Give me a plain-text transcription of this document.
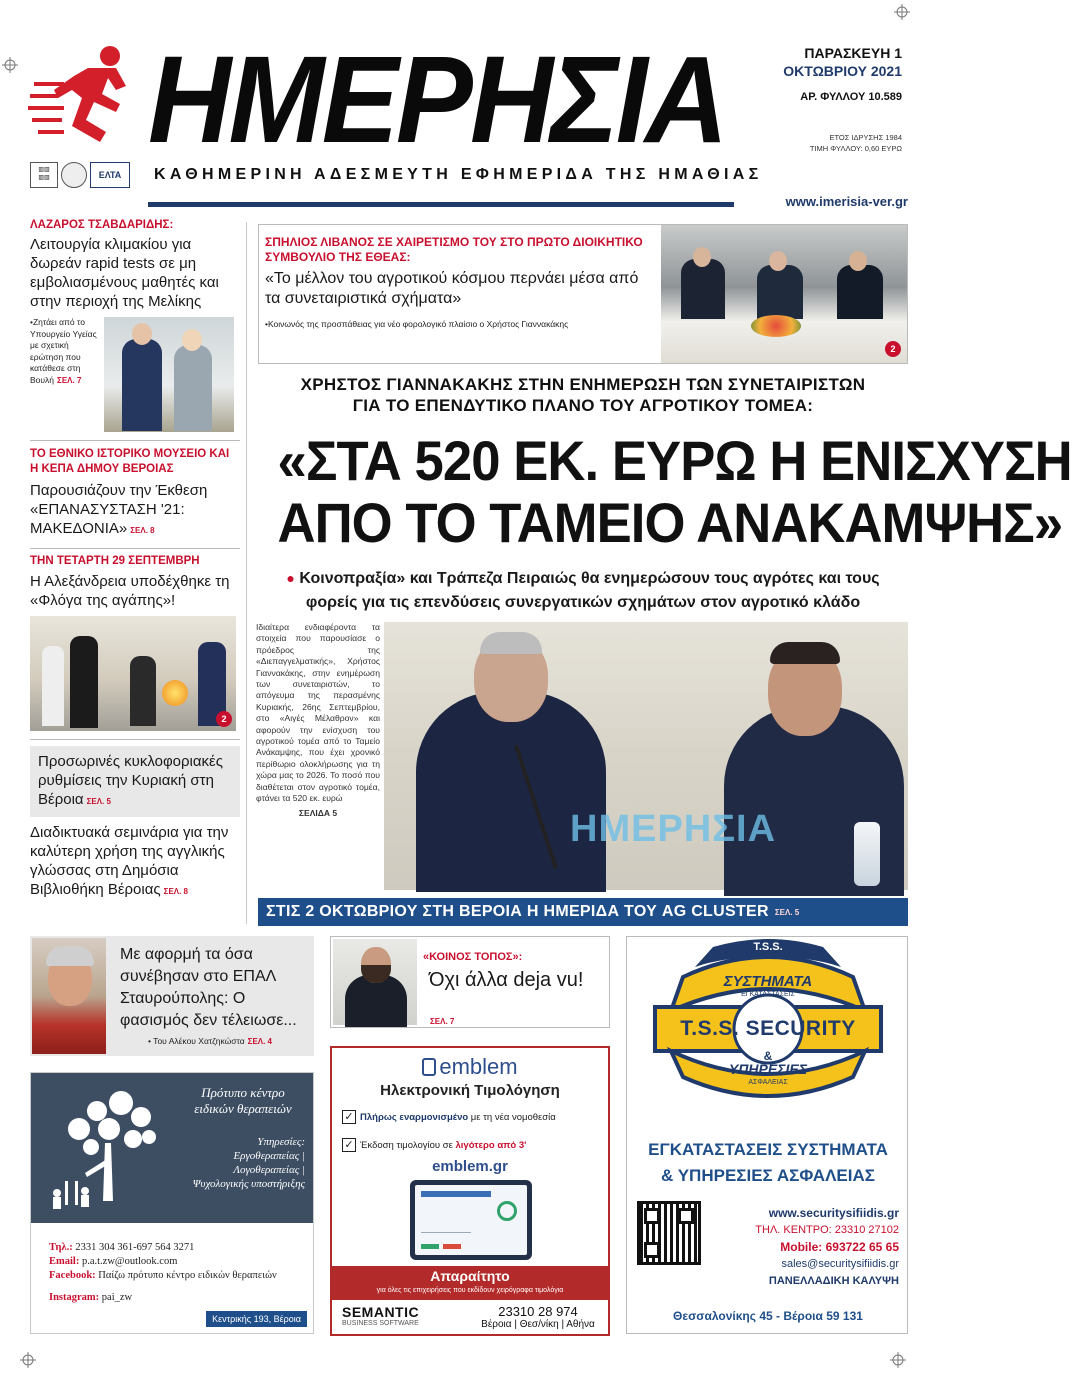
ΗΜΕΡΗΣΙΑ
▥▥
▥▥	ΕΛΤΑ	ΚΑΘΗΜΕΡΙΝΗ ΑΔΕΣΜΕΥΤΗ ΕΦΗΜΕΡΙΔΑ ΤΗΣ ΗΜΑΘΙΑΣ
ΠΑΡΑΣΚΕΥΗ 1
ΟΚΤΩΒΡΙΟΥ 2021
ΑΡ. ΦΥΛΛΟΥ 10.589
ΕΤΟΣ ΙΔΡΥΣΗΣ 1984
ΤΙΜΗ ΦΥΛΛΟΥ: 0,60 ΕΥΡΩ
www.imerisia-ver.gr
ΛΑΖΑΡΟΣ ΤΣΑΒΔΑΡΙΔΗΣ:
Λειτουργία κλιμακίου για δωρεάν rapid tests σε μη εμβολιασμένους μαθητές και στην περιοχή της Μελίκης
•Ζητάει από το Υπουργείο Υγείας με σχετική ερώτηση που κατάθεσε στη Βουλή ΣΕΛ. 7
ΤΟ ΕΘΝΙΚΟ ΙΣΤΟΡΙΚΟ ΜΟΥΣΕΙΟ ΚΑΙ Η ΚΕΠΑ ΔΗΜΟΥ ΒΕΡΟΙΑΣ
Παρουσιάζουν την Έκθεση «ΕΠΑΝΑΣΥΣΤΑΣΗ '21: ΜΑΚΕΔΟΝΙΑ» ΣΕΛ. 8
ΤΗΝ ΤΕΤΑΡΤΗ 29 ΣΕΠΤΕΜΒΡΗ
Η Αλεξάνδρεια υποδέχθηκε τη «Φλόγα της αγάπης»!
2
Προσωρινές κυκλοφοριακές ρυθμίσεις την Κυριακή στη Βέροια ΣΕΛ. 5
Διαδικτυακά σεμινάρια για την καλύτερη χρήση της αγγλικής γλώσσας στη Δημόσια Βιβλιοθήκη Βέροιας ΣΕΛ. 8
ΣΠΗΛΙΟΣ ΛΙΒΑΝΟΣ ΣΕ ΧΑΙΡΕΤΙΣΜΟ ΤΟΥ ΣΤΟ ΠΡΩΤΟ ΔΙΟΙΚΗΤΙΚΟ ΣΥΜΒΟΥΛΙΟ ΤΗΣ ΕΘΕΑΣ:
«Το μέλλον του αγροτικού κόσμου περνάει μέσα από τα συνεταιριστικά σχήματα»
•Κοινωνός της προσπάθειας για νέο φορολογικό πλαίσιο ο Χρήστος Γιαννακάκης
2
ΧΡΗΣΤΟΣ ΓΙΑΝΝΑΚΑΚΗΣ ΣΤΗΝ ΕΝΗΜΕΡΩΣΗ ΤΩΝ ΣΥΝΕΤΑΙΡΙΣΤΩΝ
ΓΙΑ ΤΟ ΕΠΕΝΔΥΤΙΚΟ ΠΛΑΝΟ ΤΟΥ ΑΓΡΟΤΙΚΟΥ ΤΟΜΕΑ:
«ΣΤΑ 520 ΕΚ. ΕΥΡΩ Η ΕΝΙΣΧΥΣΗ
ΑΠΟ ΤΟ ΤΑΜΕΙΟ ΑΝΑΚΑΜΨΗΣ»
● Κοινοπραξία» και Τράπεζα Πειραιώς θα ενημερώσουν τους αγρότες και τους
φορείς για τις επενδύσεις συνεργατικών σχημάτων στον αγροτικό κλάδο
Ιδιαίτερα ενδιαφέροντα τα στοιχεία που παρουσίασε ο πρόεδρος της «Διεπαγγελματικής», Χρήστος Γιαννακάκης, στην ενημέρωση των συνεταιριστών, το απόγευμα της περασμένης Κυριακής, 26ης Σεπτεμβρίου, στο «Αιγές Μέλαθρον» και αφορούν την ενίσχυση του αγροτικού τομέα από το Ταμείο Ανάκαμψης, που έχει χρονικό περίθωριο ολοκλήρωσης για τη χώρα μας το 2026. Το ποσό που διαθέτεται στον αγροτικό τομέα, φτάνει τα 520 εκ. ευρώ
ΣΕΛΙΔΑ 5	ΗΜΕΡΗΣΙΑ
ΣΤΙΣ 2 ΟΚΤΩΒΡΙΟΥ ΣΤΗ ΒΕΡΟΙΑ Η ΗΜΕΡΙΔΑ ΤΟΥ AG CLUSTER ΣΕΛ. 5
Με αφορμή τα όσα συνέβησαν στο ΕΠΑΛ Σταυρούπολης: Ο φασισμός δεν τέλειωσε...
• Του Αλέκου Χατζηκώστα ΣΕΛ. 4
«ΚΟΙΝΟΣ ΤΟΠΟΣ»:
Όχι άλλα deja vu!
ΣΕΛ. 7
Πρότυπο κέντρο
ειδικών θεραπειών
Υπηρεσίες:
Εργοθεραπείας |
Λογοθεραπείας |
Ψυχολογικής υποστήριξης
Τηλ.: 2331 304 361-697 564 3271
Email: p.a.t.zw@outlook.com
Facebook: Παίζω πρότυπο κέντρο ειδικών θεραπειών
Instagram: pai_zw
Κεντρικής 193, Βέροια
emblem
Ηλεκτρονική Τιμολόγηση
✓ Πλήρως εναρμονισμένο με τη νέα νομοθεσία
✓ Έκδοση τιμολογίου σε λιγότερο από 3'
emblem.gr
Απαραίτητο
για όλες τις επιχειρήσεις που εκδίδουν χειρόγραφα τιμολόγια
SEMANTIC
BUSINESS SOFTWARE
23310 28 974
Βέροια | Θεσ/νίκη | Αθήνα
T.S.S.
ΣΥΣΤΗΜΑΤΑ
ΕΓΚΑΤΑΣΤΑΣΕΙΣ
T.S.S. SECURITY
&
ΥΠΗΡΕΣΙΕΣ
ΑΣΦΑΛΕΙΑΣ
ΕΓΚΑΤΑΣΤΑΣΕΙΣ ΣΥΣΤΗΜΑΤΑ
& ΥΠΗΡΕΣΙΕΣ ΑΣΦΑΛΕΙΑΣ
www.securitysifiidis.gr
ΤΗΛ. ΚΕΝΤΡΟ: 23310 27102
Mobile: 693722 65 65
sales@securitysifiidis.gr
ΠΑΝΕΛΛΑΔΙΚΗ ΚΑΛΥΨΗ
Θεσσαλονίκης 45 - Βέροια 59 131
